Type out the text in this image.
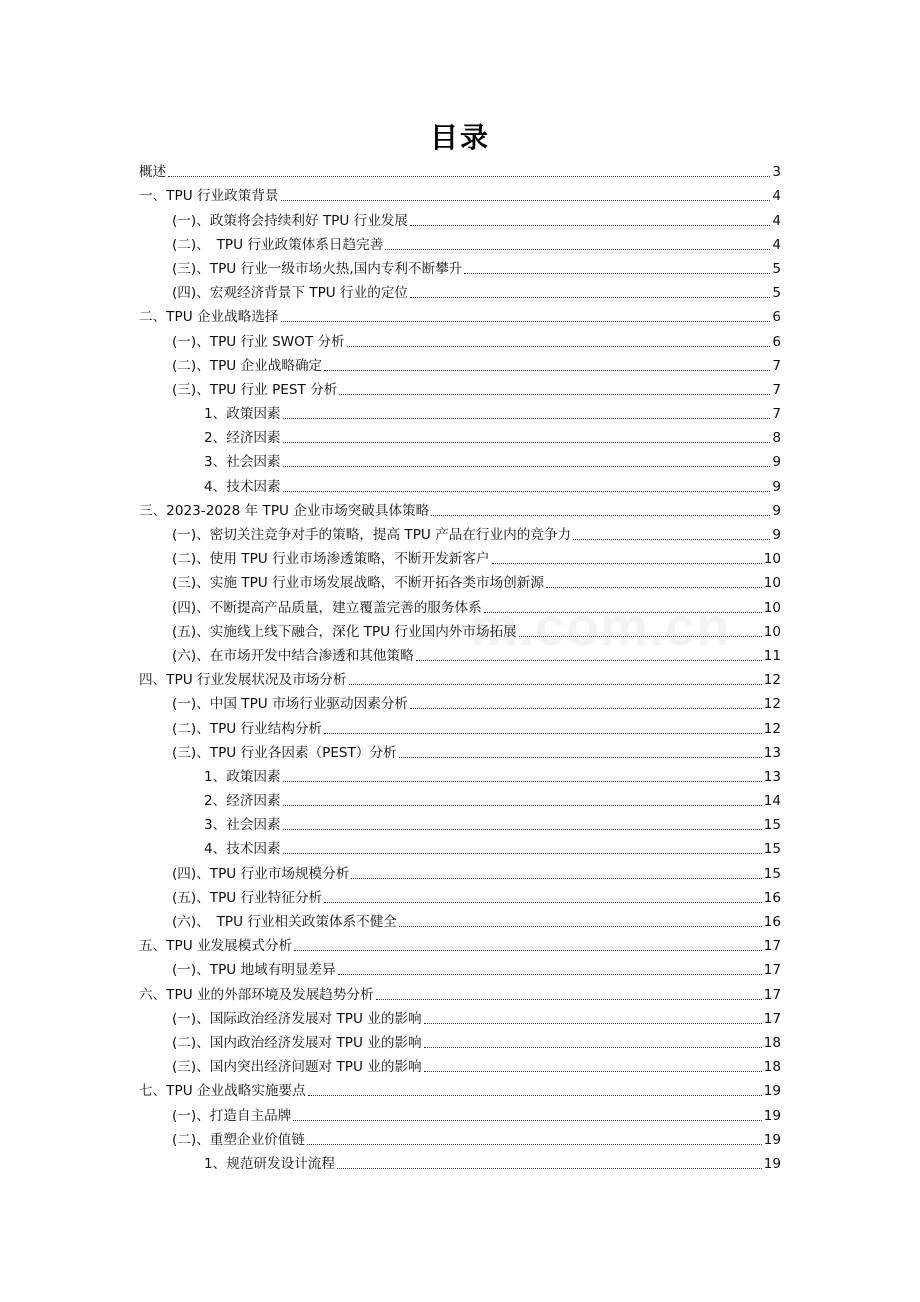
目录
m.com.cn
概述	3
一、TPU 行业政策背景	4
(一)、政策将会持续利好 TPU 行业发展	4
(二)、　TPU 行业政策体系日趋完善	4
(三)、TPU 行业一级市场火热,国内专利不断攀升	5
(四)、宏观经济背景下 TPU 行业的定位	5
二、TPU 企业战略选择	6
(一)、TPU 行业 SWOT 分析	6
(二)、TPU 企业战略确定	7
(三)、TPU 行业 PEST 分析	7
1、政策因素	7
2、经济因素	8
3、社会因素	9
4、技术因素	9
三、2023-2028 年 TPU 企业市场突破具体策略	9
(一)、密切关注竞争对手的策略，提高 TPU 产品在行业内的竞争力	9
(二)、使用 TPU 行业市场渗透策略，不断开发新客户	10
(三)、实施 TPU 行业市场发展战略，不断开拓各类市场创新源	10
(四)、不断提高产品质量，建立覆盖完善的服务体系	10
(五)、实施线上线下融合，深化 TPU 行业国内外市场拓展	10
(六)、在市场开发中结合渗透和其他策略	11
四、TPU 行业发展状况及市场分析	12
(一)、中国 TPU 市场行业驱动因素分析	12
(二)、TPU 行业结构分析	12
(三)、TPU 行业各因素（PEST）分析	13
1、政策因素	13
2、经济因素	14
3、社会因素	15
4、技术因素	15
(四)、TPU 行业市场规模分析	15
(五)、TPU 行业特征分析	16
(六)、　TPU 行业相关政策体系不健全	16
五、TPU 业发展模式分析	17
(一)、TPU 地域有明显差异	17
六、TPU 业的外部环境及发展趋势分析	17
(一)、国际政治经济发展对 TPU 业的影响	17
(二)、国内政治经济发展对 TPU 业的影响	18
(三)、国内突出经济问题对 TPU 业的影响	18
七、TPU 企业战略实施要点	19
(一)、打造自主品牌	19
(二)、重塑企业价值链	19
1、规范研发设计流程	19
